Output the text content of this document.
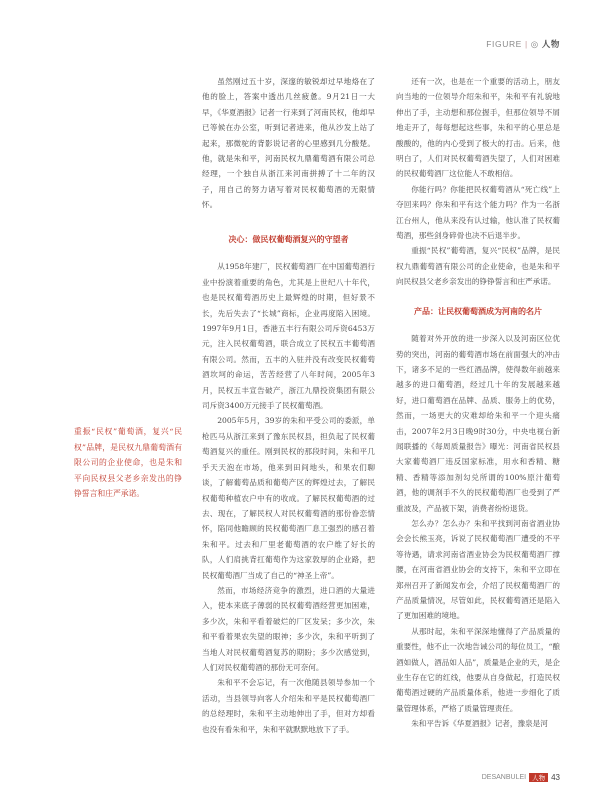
FIGURE | ◎ 人物

虽然刚过五十岁，深邃的敏锐却过早地烙在了他的脸上，答案中透出几丝疲惫。9月21日一大早，《华夏酒报》记者一行来到了河南民权，他却早已等候在办公室，听到记者进来，他从沙发上站了起来，那微驼的背影说记者的心里感到几分酸楚。他，就是朱和平，河南民权九鼎葡萄酒有限公司总经理，一个独自从浙江来河南拼搏了十二年的汉子，用自己的努力诸写着对民权葡萄酒的无限情怀。

决心：做民权葡萄酒复兴的守望者

从1958年建厂，民权葡萄酒厂在中国葡萄酒行业中扮演着重要的角色，尤其是上世纪八十年代，也是民权葡萄酒历史上最辉煌的时期，但好景不长，先后失去了“长城”商标，企业再度陷入困境。1997年9月1日，香港五丰行有限公司斥资6453万元，注入民权葡萄酒，联合成立了民权五丰葡萄酒有限公司。然而，五丰的入驻并没有改变民权葡萄酒坎坷的命运，苦苦经营了八年时间，2005年3月，民权五丰宣告破产，浙江九鼎投资集团有限公司斥资3400万元接手了民权葡萄酒。

2005年5月，39岁的朱和平受公司的委派，单枪匹马从浙江来到了豫东民权县，担负起了民权葡萄酒复兴的重任。刚到民权的那段时间，朱和平几乎天天泡在市场，他来到田间地头，和果农们聊谈，了解葡萄品质和葡萄产区的辉煌过去，了解民权葡萄种植农户中有的收成。了解民权葡萄酒的过去、现在，了解民权人对民权葡萄酒的那份眷恋情怀，陷同他瞻顾的民权葡萄酒厂息工强烈的感召着朱和平。过去和厂里老葡萄酒的农户维了好长的队，人们肩挑背扛葡萄作为这家敦厚的企业路，把民权葡萄酒厂当成了自己的“神圣上帝”。

然而，市场经济竞争的激烈，进口酒的大量进入，使本来底子薄弱的民权葡萄酒经营更加困难，多少次，朱和平看着破烂的厂区发呆；多少次，朱和平看着果农失望的眼神；多少次，朱和平听到了当地人对民权葡萄酒复苏的期盼；多少次感觉到，人们对民权葡萄酒的那份无可奈何。

朱和平不会忘记，有一次他随县领导参加一个活动，当县领导向客人介绍朱和平是民权葡萄酒厂的总经理时，朱和平主动地伸出了手，但对方却看也没有看朱和平，朱和平就默默地放下了手。

还有一次，也是在一个重要的活动上，朋友向当地的一位领导介绍朱和平，朱和平有礼貌地伸出了手，主动想和那位握手，但那位领导不屑地走开了，每每想起这些事，朱和平的心里总是酸酸的，他的内心受到了极大的打击。后来，他明白了，人们对民权葡萄酒失望了，人们对困难的民权葡萄酒厂这位能人不敢相信。

你能行吗？你能把民权葡萄酒从“死亡线”上夺回来吗？你朱和平有这个能力吗？作为一名浙江台州人，他从来没有认过输，他认准了民权葡萄酒，那些剑身碎骨也决不后退半步。

重振“民权”葡萄酒，复兴“民权”品牌，是民权九鼎葡萄酒有限公司的企业使命，也是朱和平向民权县父老乡亲发出的铮铮誓言和庄严承诺。

产品：让民权葡萄酒成为河南的名片

随着对外开放的进一步深入以及河南区位优势的突出，河南的葡萄酒市场在前面强大的冲击下，诸多不足的一些红酒品牌，使得数年前越来越多的进口葡萄酒，经过几十年的发展越来越好，进口葡萄酒在品牌、品质、服务上的优势，然而，一场更大的灾难却给朱和平一个迎头痛击，2007年2月3日晚9时30分，中央电视台新闻联播的《每周质量报告》曝光：河南省民权县大家葡萄酒厂违反国家标准，用水和香精、糖精、香精等添加剂勾兑所谓的100%原汁葡萄酒，他的调剂手不久的民权葡萄酒厂也受到了严重波及，产品被下架，消费者纷纷退货。

怎么办？怎么办？朱和平找到河南省酒业协会会长熊玉亮，诉说了民权葡萄酒厂遭受的不平等待遇，请求河南省酒业协会为民权葡萄酒厂撑腰，在河南省酒业协会的支持下，朱和平立即在郑州召开了新闻发布会，介绍了民权葡萄酒厂的产品质量情况，尽管如此，民权葡萄酒还是陷入了更加困难的境地。

从那时起，朱和平深深地懂得了产品质量的重要性，他不止一次地告诫公司的每位员工，“酿酒如做人，酒品如人品”，质量是企业的天，是企业生存在它的红线，他要从自身做起，打造民权葡萄酒过硬的产品质量体系，他进一步细化了质量管理体系，严格了质量管理责任。

朱和平告诉《华夏酒报》记者，豫泉是河

重振“民权”葡萄酒，复兴“民权”品牌，是民权九鼎葡萄酒有限公司的企业使命，也是朱和平向民权县父老乡亲发出的铮铮誓言和庄严承诺。
DESANBULEI 人物 43
